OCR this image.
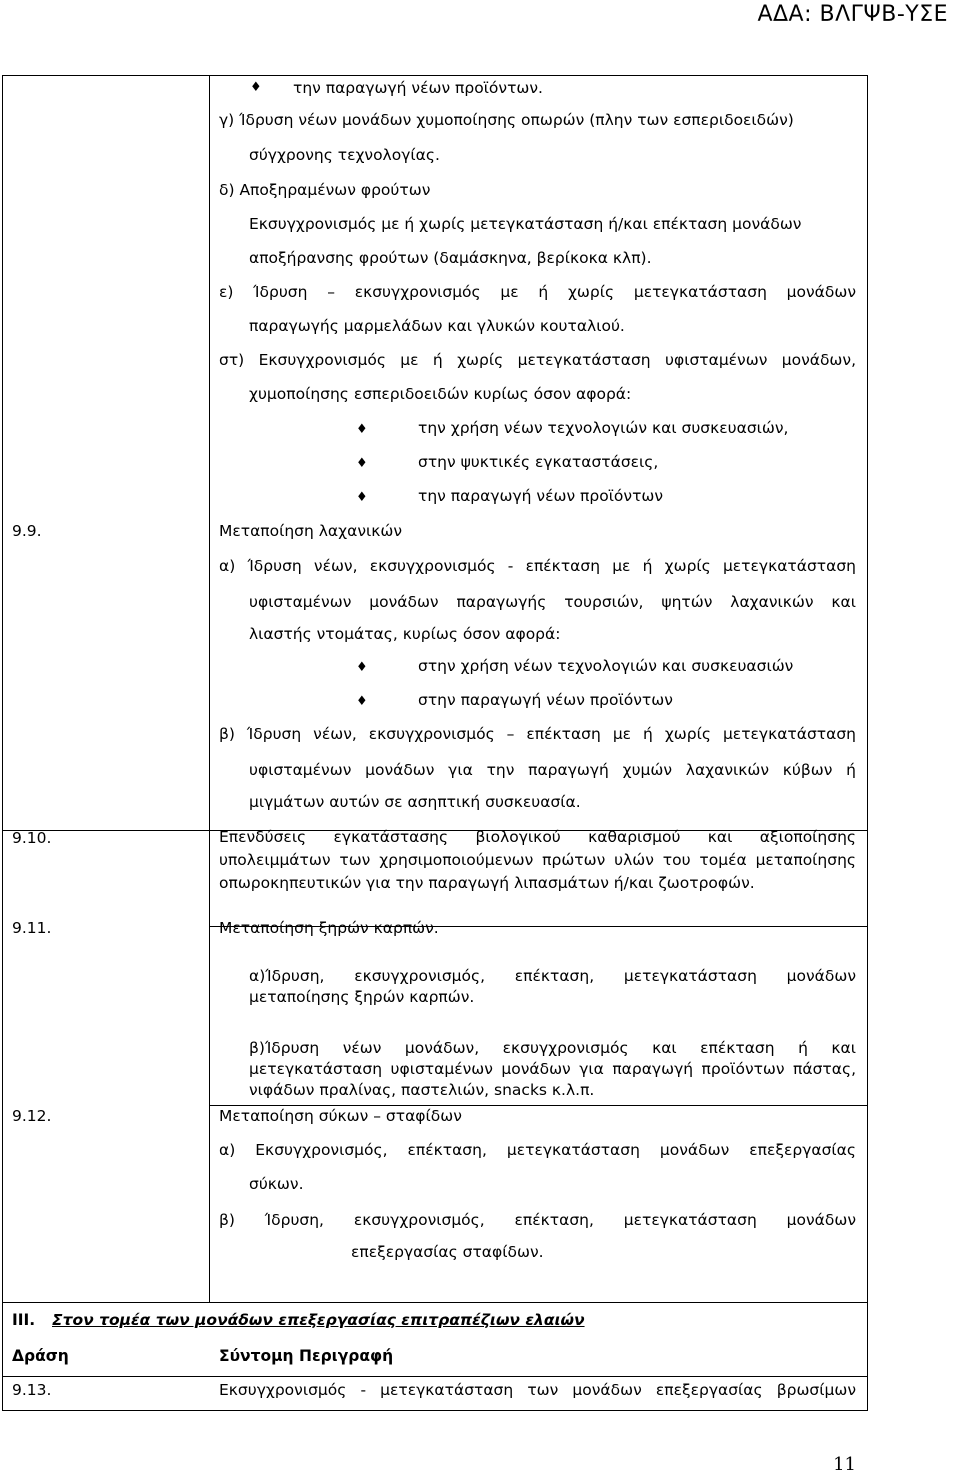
ΑΔΑ: ΒΛΓΨΒ-ΥΣΕ
♦
την παραγωγή νέων προϊόντων.
γ) Ίδρυση νέων μονάδων χυμοποίησης οπωρών (πλην των εσπεριδοειδών)
σύγχρονης τεχνολογίας.
δ) Αποξηραμένων φρούτων
Εκσυγχρονισμός με ή χωρίς μετεγκατάσταση ή/και επέκταση μονάδων
αποξήρανσης φρούτων (δαμάσκηνα, βερίκοκα κλπ).
ε) Ίδρυση – εκσυγχρονισμός με ή χωρίς μετεγκατάσταση μονάδων
παραγωγής μαρμελάδων και γλυκών κουταλιού.
στ) Εκσυγχρονισμός με ή χωρίς μετεγκατάσταση υφισταμένων μονάδων,
χυμοποίησης εσπεριδοειδών κυρίως όσον αφορά:
♦
την χρήση νέων τεχνολογιών και συσκευασιών,
♦
στην ψυκτικές εγκαταστάσεις,
♦
την παραγωγή νέων προϊόντων
9.9.	Μεταποίηση λαχανικών
α) Ίδρυση νέων, εκσυγχρονισμός - επέκταση με ή χωρίς μετεγκατάσταση
υφισταμένων μονάδων παραγωγής τουρσιών, ψητών λαχανικών και
λιαστής ντομάτας, κυρίως όσον αφορά:
♦
στην χρήση νέων τεχνολογιών και συσκευασιών
♦
στην παραγωγή νέων προϊόντων
β) Ίδρυση νέων, εκσυγχρονισμός – επέκταση με ή χωρίς μετεγκατάσταση
υφισταμένων μονάδων για την παραγωγή χυμών λαχανικών κύβων ή
μιγμάτων αυτών σε ασηπτική συσκευασία.
9.10.	Επενδύσεις εγκατάστασης βιολογικού καθαρισμού και αξιοποίησης υπολειμμάτων των χρησιμοποιούμενων πρώτων υλών του τομέα μεταποίησης οπωροκηπευτικών για την παραγωγή λιπασμάτων ή/και ζωοτροφών.
9.11.	Μεταποίηση ξηρών καρπών.
α)Ίδρυση, εκσυγχρονισμός, επέκταση, μετεγκατάσταση μονάδων μεταποίησης ξηρών καρπών.
β)Ίδρυση νέων μονάδων, εκσυγχρονισμός και επέκταση ή και μετεγκατάσταση υφισταμένων μονάδων για παραγωγή προϊόντων πάστας, νιφάδων πραλίνας, παστελιών, snacks κ.λ.π.
9.12.	Μεταποίηση σύκων – σταφίδων
α) Εκσυγχρονισμός, επέκταση, μετεγκατάσταση μονάδων επεξεργασίας
σύκων.
β) Ίδρυση, εκσυγχρονισμός, επέκταση, μετεγκατάσταση μονάδων
επεξεργασίας σταφίδων.
ΙΙΙ. Στον τομέα των μονάδων επεξεργασίας επιτραπέζιων ελαιών
Δράση	Σύντομη Περιγραφή
9.13.	Εκσυγχρονισμός - μετεγκατάσταση των μονάδων επεξεργασίας βρωσίμων
11
